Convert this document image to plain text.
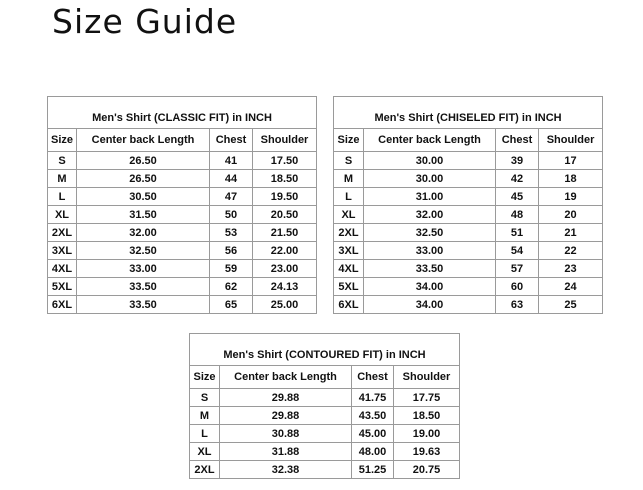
Size Guide
Men's Shirt (CLASSIC FIT) in INCH			
Size	Center back Length	Chest	Shoulder
S	26.50	41	17.50
M	26.50	44	18.50
L	30.50	47	19.50
XL	31.50	50	20.50
2XL	32.00	53	21.50
3XL	32.50	56	22.00
4XL	33.00	59	23.00
5XL	33.50	62	24.13
6XL	33.50	65	25.00
Men's Shirt (CHISELED FIT) in INCH			
Size	Center back Length	Chest	Shoulder
S	30.00	39	17
M	30.00	42	18
L	31.00	45	19
XL	32.00	48	20
2XL	32.50	51	21
3XL	33.00	54	22
4XL	33.50	57	23
5XL	34.00	60	24
6XL	34.00	63	25
Men's Shirt (CONTOURED FIT) in INCH			
Size	Center back Length	Chest	Shoulder
S	29.88	41.75	17.75
M	29.88	43.50	18.50
L	30.88	45.00	19.00
XL	31.88	48.00	19.63
2XL	32.38	51.25	20.75
